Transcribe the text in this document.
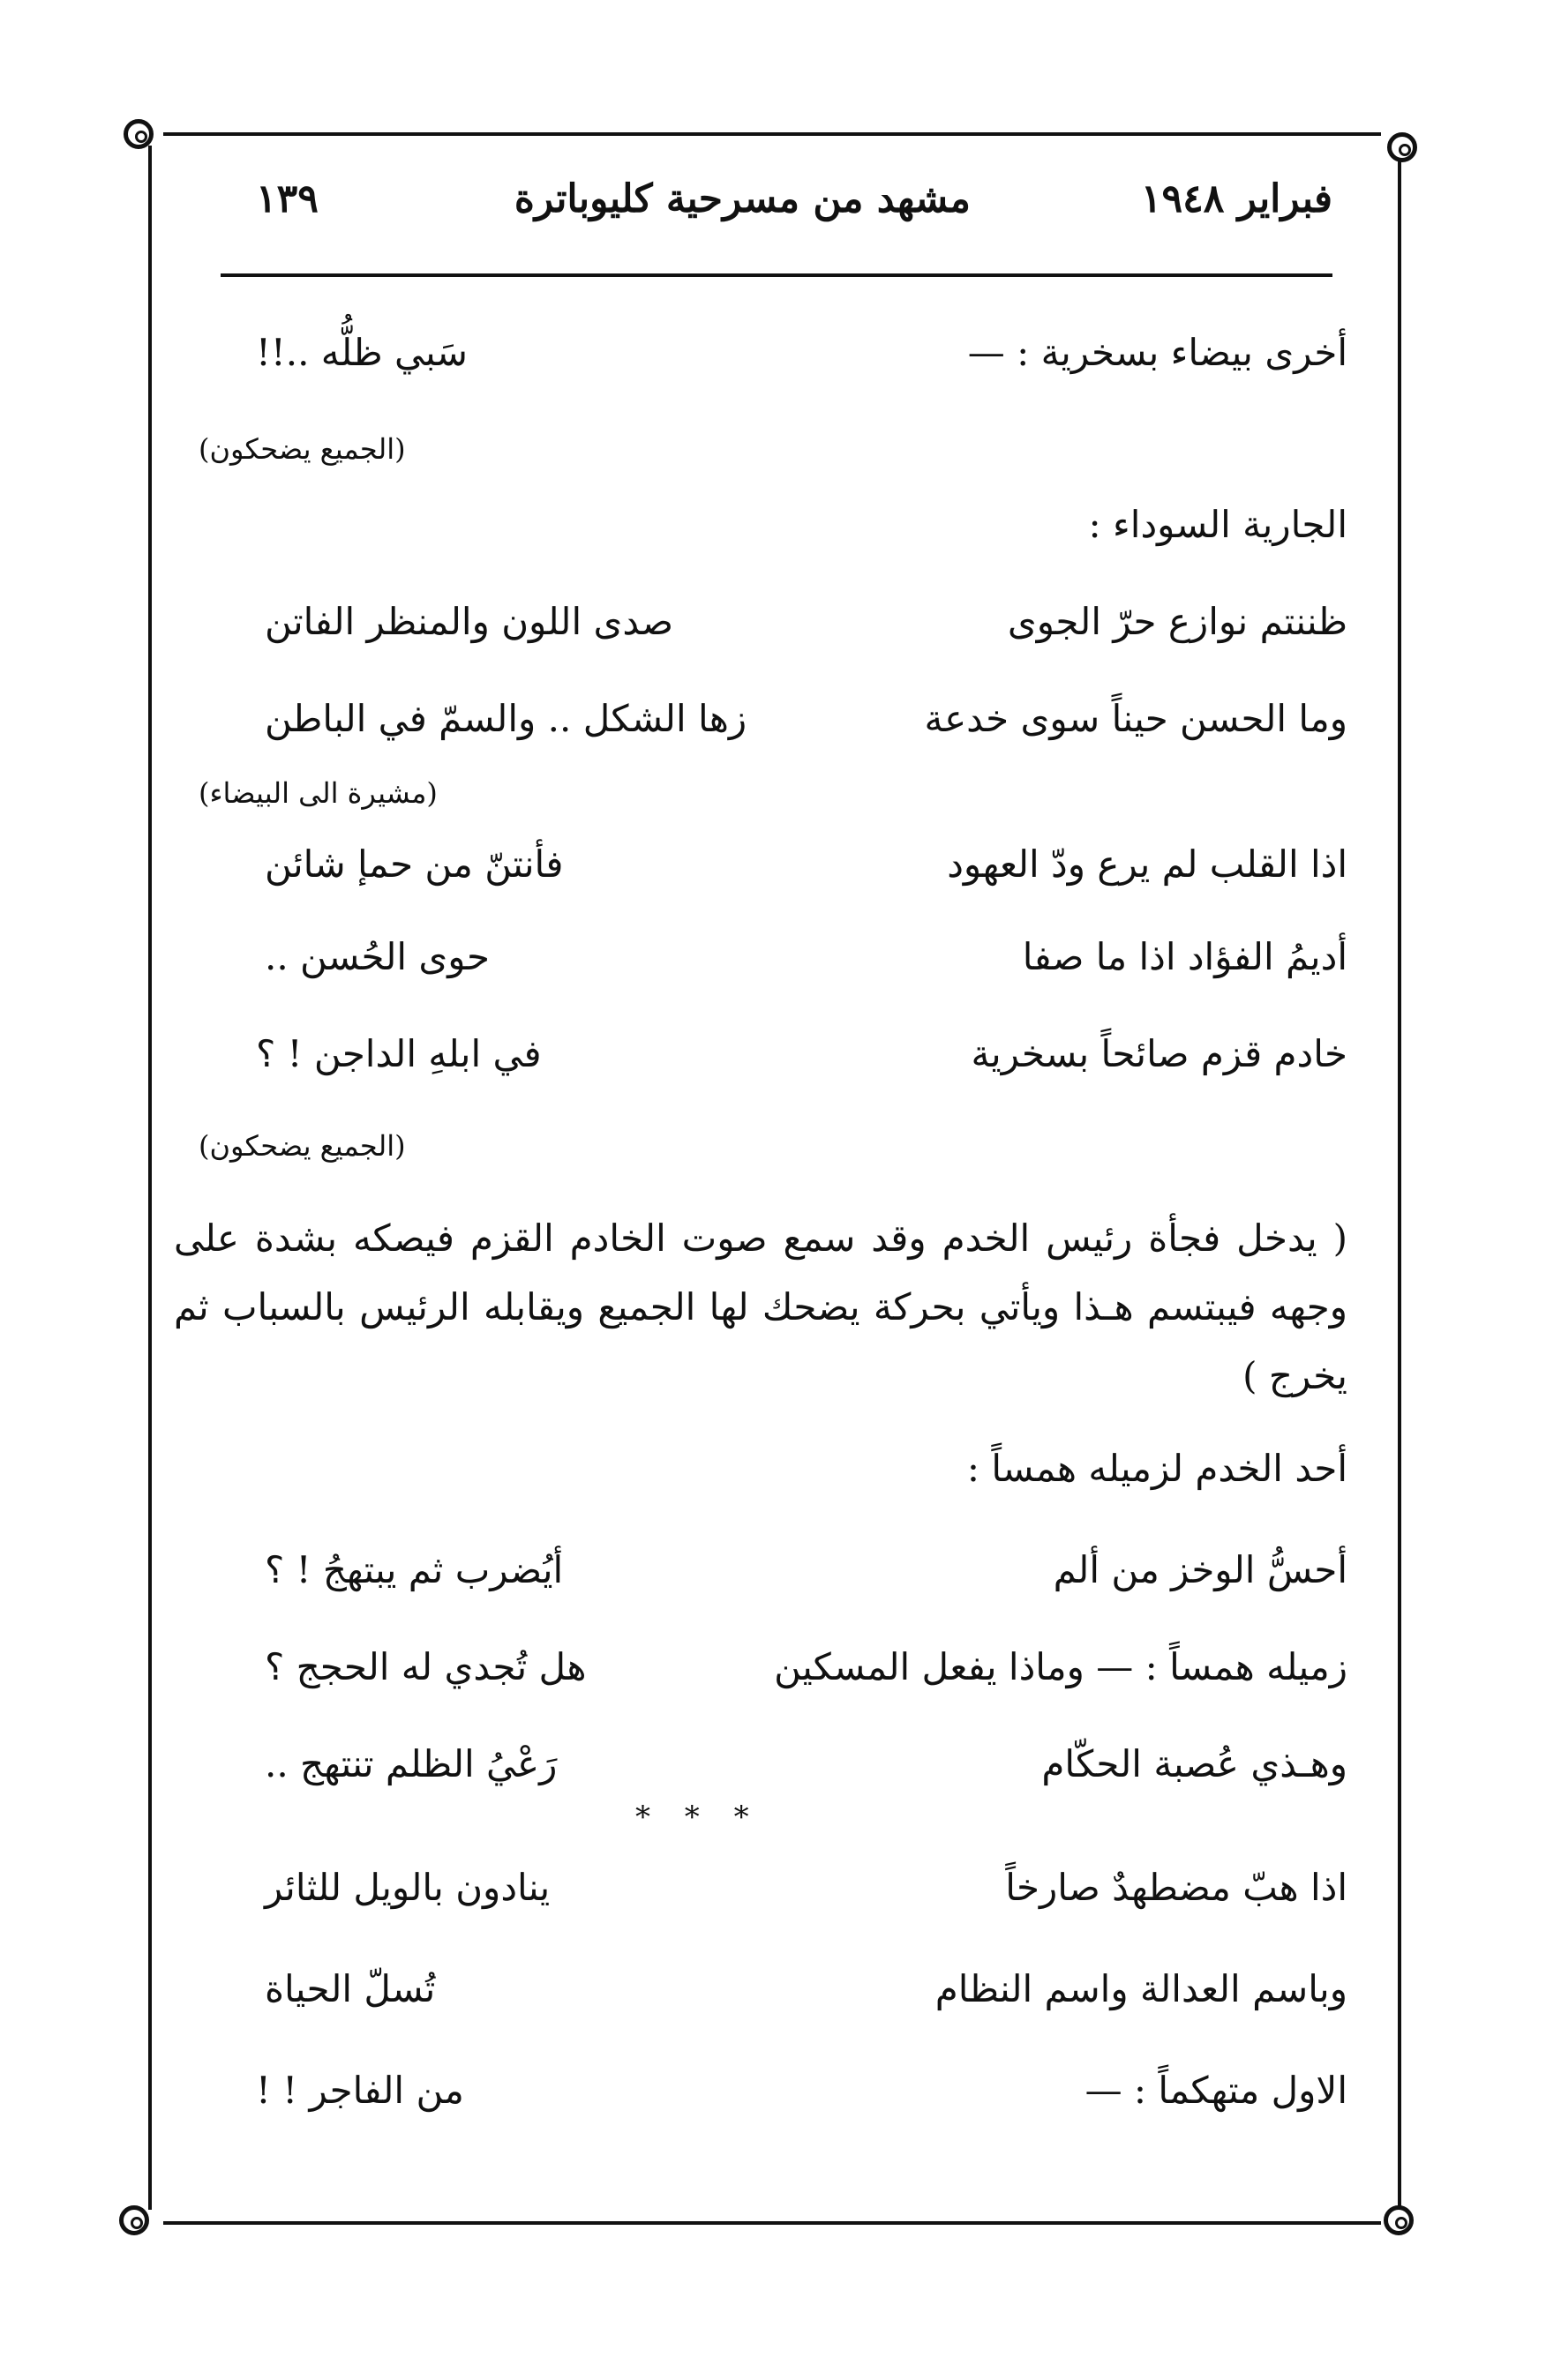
فبراير ١٩٤٨
مشهد من مسرحية كليوباترة
١٣٩
أخرى بيضاء بسخرية : —
سَبي ظلُّه ..!!
(الجميع يضحكون)
الجارية السوداء :
ظننتم نوازع حرّ الجوى
صدى اللون والمنظر الفاتن
وما الحسن حيناً سوى خدعة
زها الشكل .. والسمّ في الباطن
(مشيرة الى البيضاء)
اذا القلب لم يرع ودّ العهود
فأنتنّ من حمإ شائن
أديمُ الفؤاد اذا ما صفا
حوى الحُسن ..
خادم قزم صائحاً بسخرية
في ابلهِ الداجن ! ؟
(الجميع يضحكون)
( يدخل فجأة رئيس الخدم وقد سمع صوت الخادم القزم فيصكه بشدة على وجهه فيبتسم هـذا ويأتي بحركة يضحك لها الجميع ويقابله الرئيس بالسباب ثم يخرج )
أحد الخدم لزميله همساً :
أحسُّ الوخز من ألم
أيُضرب ثم يبتهجُ ! ؟
زميله همساً : — وماذا يفعل المسكين
هل تُجدي له الحجج ؟
وهـذي عُصبة الحكّام
رَعْيُ الظلم تنتهج ..
* * *
اذا هبّ مضطهدٌ صارخاً
ينادون بالويل للثائر
وباسم العدالة واسم النظام
تُسلّ الحياة
الاول متهكماً : —
من الفاجر ! !
